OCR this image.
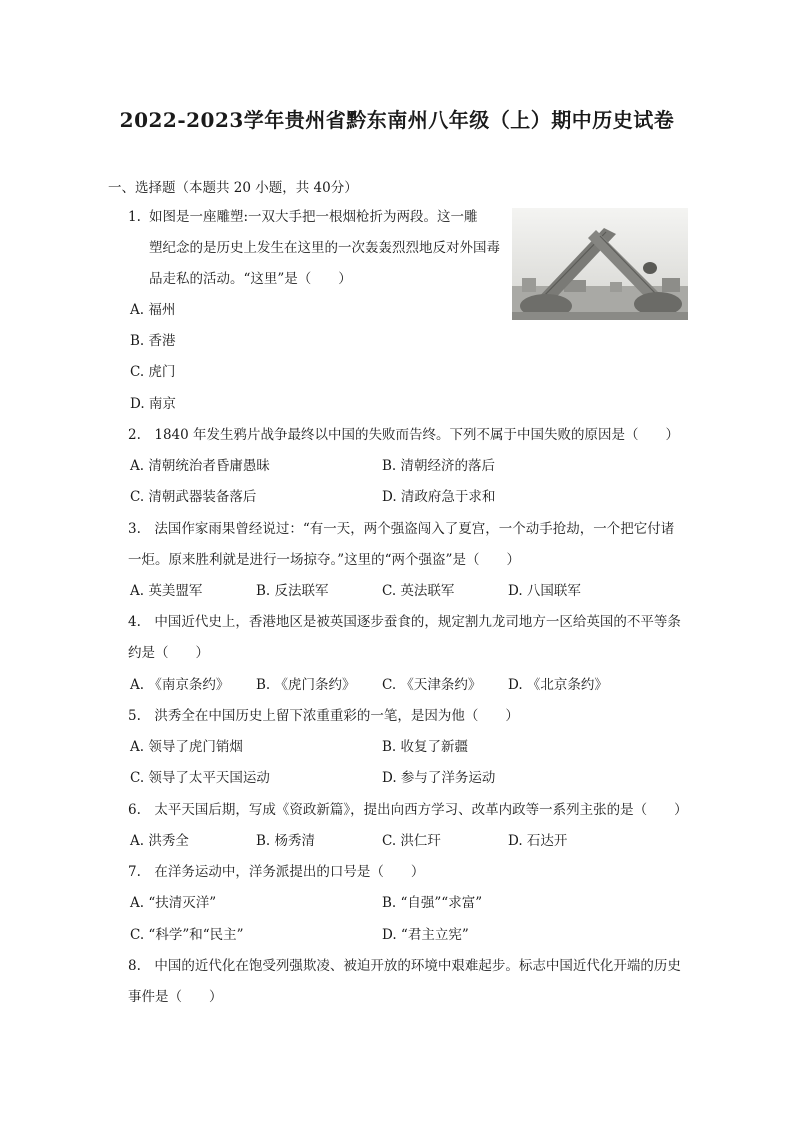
2022-2023学年贵州省黔东南州八年级（上）期中历史试卷
一、选择题（本题共 20 小题，共 40分）
1. 如图是一座雕塑:一双大手把一根烟枪折为两段。这一雕
塑纪念的是历史上发生在这里的一次轰轰烈烈地反对外国毒
品走私的活动。“这里”是（　　）
A. 福州
B. 香港
C. 虎门
D. 南京
2.　1840 年发生鸦片战争最终以中国的失败而告终。下列不属于中国失败的原因是（　　）
A. 清朝统治者昏庸愚昧	B. 清朝经济的落后
C. 清朝武器装备落后	D. 清政府急于求和
3.　法国作家雨果曾经说过：“有一天，两个强盗闯入了夏宫，一个动手抢劫，一个把它付诸
一炬。原来胜利就是进行一场掠夺。”这里的“两个强盗”是（　　）
A. 英美盟军	B. 反法联军	C. 英法联军	D. 八国联军
4.　中国近代史上，香港地区是被英国逐步蚕食的，规定割九龙司地方一区给英国的不平等条
约是（　　）
A. 《南京条约》 B. 《虎门条约》 C. 《天津条约》 D. 《北京条约》
5.　洪秀全在中国历史上留下浓重重彩的一笔，是因为他（　　）
A. 领导了虎门销烟	B. 收复了新疆
C. 领导了太平天国运动	D. 参与了洋务运动
6.　太平天国后期，写成《资政新篇》，提出向西方学习、改革内政等一系列主张的是（　　）
A. 洪秀全	B. 杨秀清	C. 洪仁玕	D. 石达开
7.　在洋务运动中，洋务派提出的口号是（　　）
A. “扶清灭洋”	B. “自强”“求富”
C. “科学”和“民主”	D. “君主立宪”
8.　中国的近代化在饱受列强欺凌、被迫开放的环境中艰难起步。标志中国近代化开端的历史
事件是（　　）
